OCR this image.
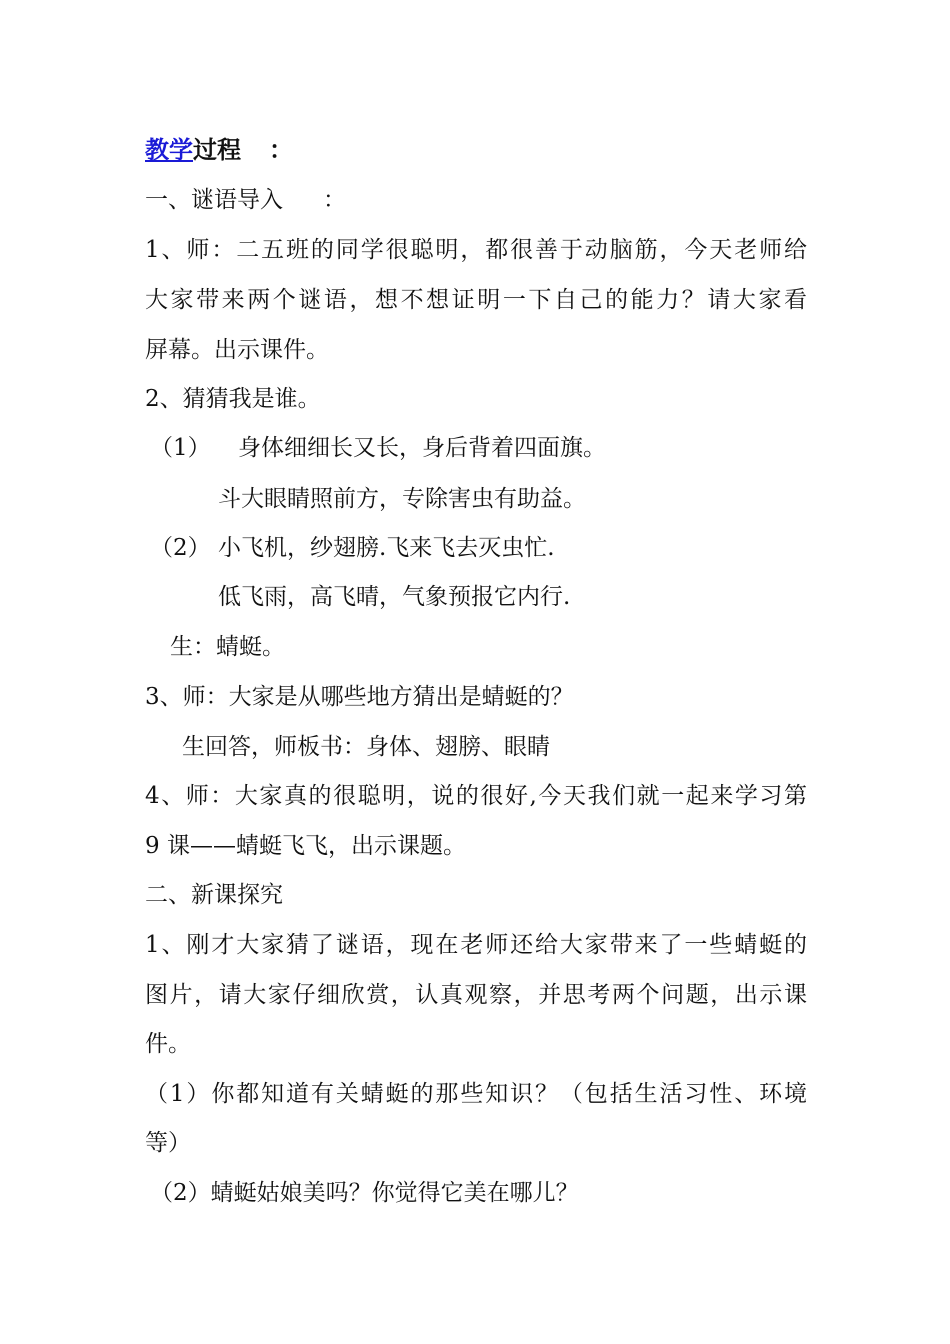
教学过程 ：
一、谜语导入 ：
1、师：二五班的同学很聪明，都很善于动脑筋，今天老师给
大家带来两个谜语，想不想证明一下自己的能力？请大家看
屏幕。出示课件。
2、猜猜我是谁。
（1） 身体细细长又长，身后背着四面旗。
斗大眼睛照前方，专除害虫有助益。
（2） 小飞机，纱翅膀.飞来飞去灭虫忙.
低飞雨，高飞晴，气象预报它内行.
生：蜻蜓。
3、师：大家是从哪些地方猜出是蜻蜓的？
生回答，师板书：身体、翅膀、眼睛
4、师：大家真的很聪明，说的很好,今天我们就一起来学习第
9 课——蜻蜓飞飞，出示课题。
二、新课探究
1、刚才大家猜了谜语，现在老师还给大家带来了一些蜻蜓的
图片，请大家仔细欣赏，认真观察，并思考两个问题，出示课
件。
（1）你都知道有关蜻蜓的那些知识？（包括生活习性、环境
等）
（2）蜻蜓姑娘美吗？你觉得它美在哪儿？
